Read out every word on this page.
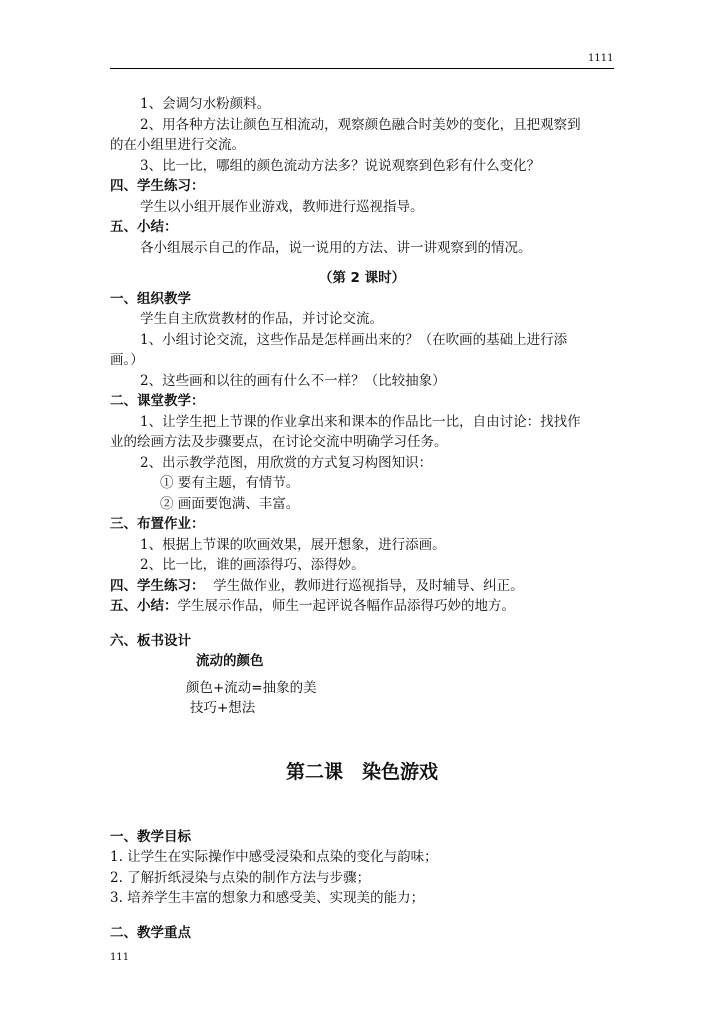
1111
1、会调匀水粉颜料。
2、用各种方法让颜色互相流动，观察颜色融合时美妙的变化，且把观察到
的在小组里进行交流。
3、比一比，哪组的颜色流动方法多？说说观察到色彩有什么变化？
四、学生练习：
学生以小组开展作业游戏，教师进行巡视指导。
五、小结：
各小组展示自己的作品，说一说用的方法、讲一讲观察到的情况。
（第 2 课时）
一、组织教学
学生自主欣赏教材的作品，并讨论交流。
1、小组讨论交流，这些作品是怎样画出来的？（在吹画的基础上进行添
画。）
2、这些画和以往的画有什么不一样？（比较抽象）
二、课堂教学：
1、让学生把上节课的作业拿出来和课本的作品比一比，自由讨论：找找作
业的绘画方法及步骤要点，在讨论交流中明确学习任务。
2、出示教学范图，用欣赏的方式复习构图知识：
① 要有主题，有情节。
② 画面要饱满、丰富。
三、布置作业：
1、根据上节课的吹画效果，展开想象，进行添画。
2、比一比，谁的画添得巧、添得妙。
四、学生练习： 学生做作业，教师进行巡视指导，及时辅导、纠正。
五、小结：学生展示作品，师生一起评说各幅作品添得巧妙的地方。
六、板书设计
流动的颜色
颜色+流动=抽象的美
技巧+想法
第二课　染色游戏
一、教学目标
1. 让学生在实际操作中感受浸染和点染的变化与韵味；
2. 了解折纸浸染与点染的制作方法与步骤；
3. 培养学生丰富的想象力和感受美、实现美的能力；
二、教学重点
111
